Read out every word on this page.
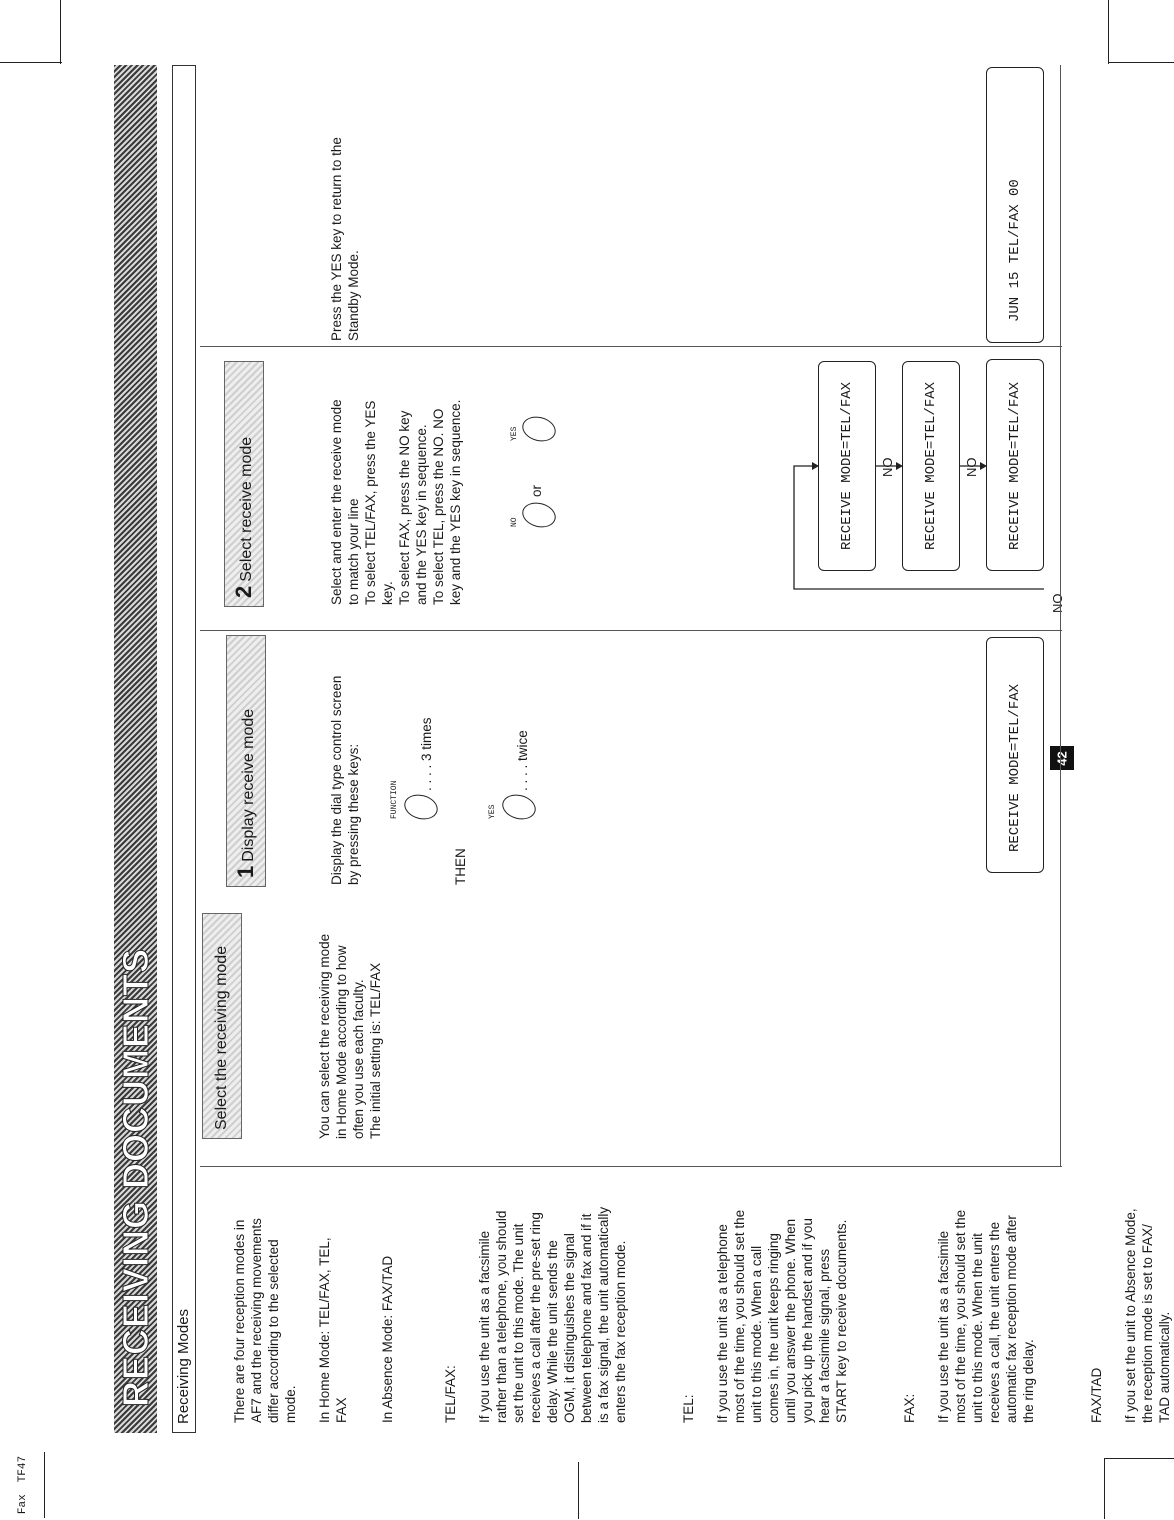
FaxTF47
42
RECEIVING DOCUMENTS Receiving Modes	There are four reception modes in
AF7 and the receiving movements
differ according to the selected
mode. In Home Mode: TEL/FAX, TEL,
FAX In Absence Mode: FAX/TAD	TEL/FAX: If you use the unit as a facsimile
rather than a telephone, you should
set the unit to this mode. The unit
receives a call after the pre-set ring
delay. While the unit sends the
OGM, it distinguishes the signal
between telephone and fax and if it
is a fax signal, the unit automatically
enters the fax reception mode.

TEL: If you use the unit as a telephone
most of the time, you should set the
unit to this mode. When a call
comes in, the unit keeps ringing
until you answer the phone. When
you pick up the handset and if you
hear a facsimile signal, press
START key to receive documents.

FAX: If you use the unit as a facsimile
most of the time, you should set the
unit to this mode. When the unit
receives a call, the unit enters the
automatic fax reception mode after
the ring delay.

FAX/TAD If you set the unit to Absence Mode,
the reception mode is set to FAX/
TAD automatically.

Select the receiving mode	You can select the receiving mode
in Home Mode according to how
often you use each faculty.
The initial setting is: TEL/FAX
1Display receive mode
Display the dial type control screen
by pressing these keys:
FUNCTION
. . . . 3 times
THEN
YES
. . . . twice	RECEIVE MODE=TEL/FAX
2Select receive mode
Select and enter the receive mode
to match your line
To select TEL/FAX, press the YES
key.
To select FAX, press the NO key
and the YES key in sequence.
To select TEL, press the NO. NO
key and the YES key in sequence.
NO
or
YES	RECEIVE MODE=TEL/FAX	RECEIVE MODE=TEL/FAX	RECEIVE MODE=TEL/FAX
NO	NO
NO
Press the YES key to return to the
Standby Mode.	JUN 15 TEL/FAX 00
